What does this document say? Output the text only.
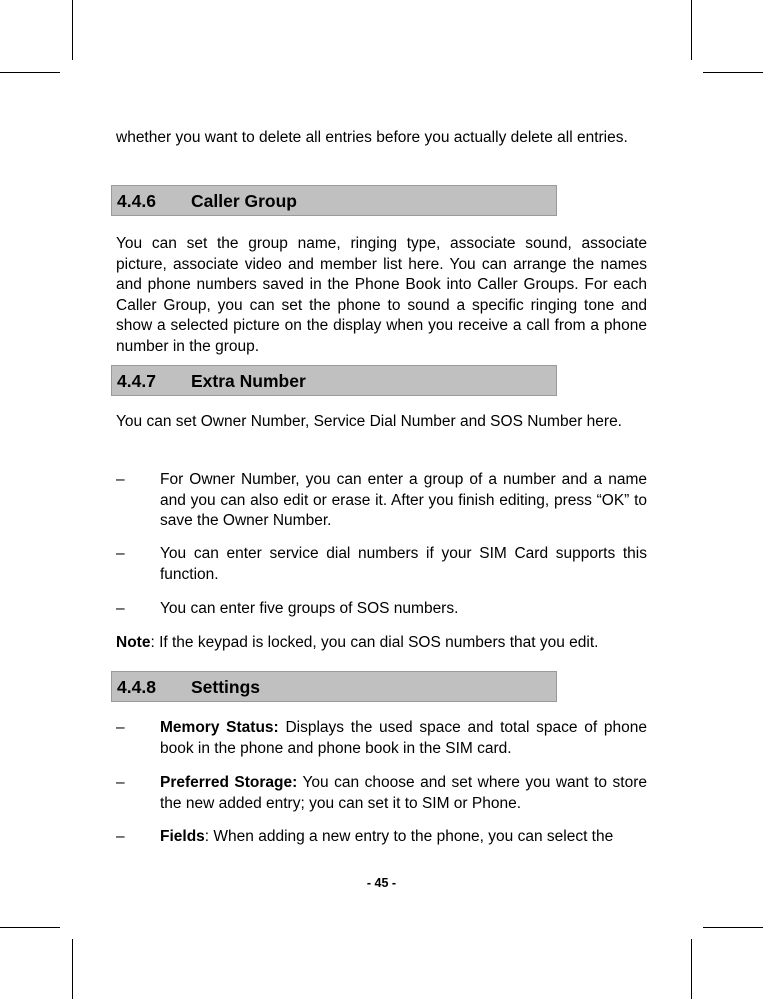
whether you want to delete all entries before you actually delete all entries.

4.4.6 Caller Group

You can set the group name, ringing type, associate sound, associate picture, associate video and member list here. You can arrange the names and phone numbers saved in the Phone Book into Caller Groups. For each Caller Group, you can set the phone to sound a specific ringing tone and show a selected picture on the display when you receive a call from a phone number in the group.

4.4.7 Extra Number

You can set Owner Number, Service Dial Number and SOS Number here.

– For Owner Number, you can enter a group of a number and a name and you can also edit or erase it. After you finish editing, press “OK” to save the Owner Number.
– You can enter service dial numbers if your SIM Card supports this function.
– You can enter five groups of SOS numbers.
Note: If the keypad is locked, you can dial SOS numbers that you edit.
4.4.8 Settings
– Memory Status: Displays the used space and total space of phone book in the phone and phone book in the SIM card.
– Preferred Storage: You can choose and set where you want to store the new added entry; you can set it to SIM or Phone.
– Fields: When adding a new entry to the phone, you can select the
- 45 -
